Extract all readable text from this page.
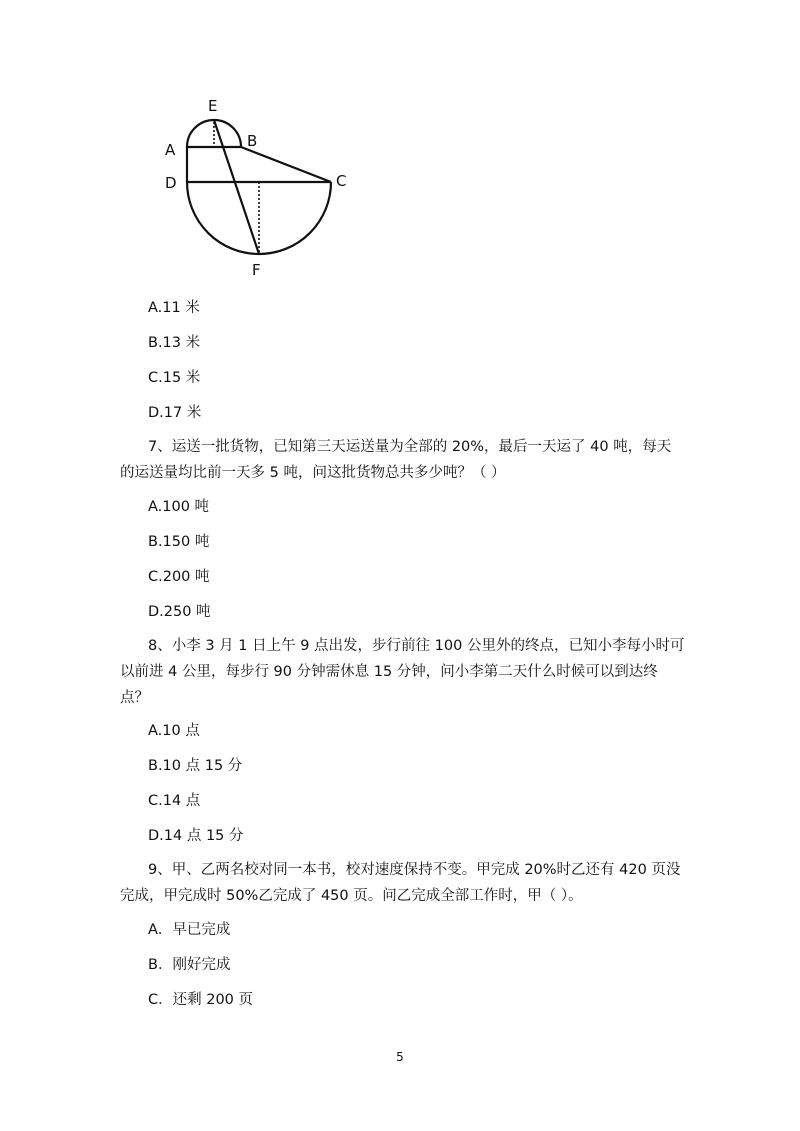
E
A	B
D	C
F
A.11 米
B.13 米
C.15 米
D.17 米
7、运送一批货物，已知第三天运送量为全部的 20%，最后一天运了 40 吨，每天
的运送量均比前一天多 5 吨，问这批货物总共多少吨？（ ）
A.100 吨
B.150 吨
C.200 吨
D.250 吨
8、小李 3 月 1 日上午 9 点出发，步行前往 100 公里外的终点，已知小李每小时可
以前进 4 公里，每步行 90 分钟需休息 15 分钟，问小李第二天什么时候可以到达终
点？
A.10 点
B.10 点 15 分
C.14 点
D.14 点 15 分
9、甲、乙两名校对同一本书，校对速度保持不变。甲完成 20%时乙还有 420 页没
完成，甲完成时 50%乙完成了 450 页。问乙完成全部工作时，甲（ ）。
A．早已完成
B．刚好完成
C．还剩 200 页
5
